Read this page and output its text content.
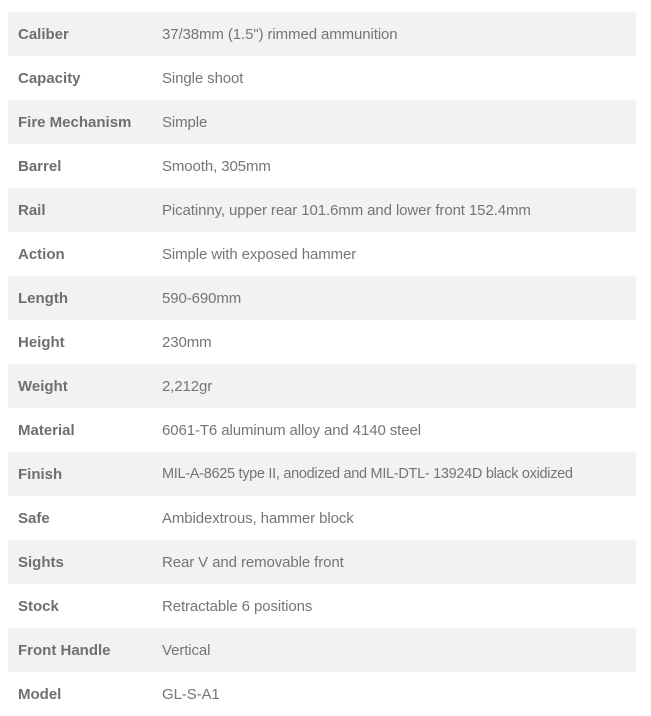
Caliber	37/38mm (1.5") rimmed ammunition
Capacity	Single shoot
Fire Mechanism	Simple
Barrel	Smooth, 305mm
Rail	Picatinny, upper rear 101.6mm and lower front 152.4mm
Action	Simple with exposed hammer
Length	590-690mm
Height	230mm
Weight	2,212gr
Material	6061-T6 aluminum alloy and 4140 steel
Finish	MIL-A-8625 type II, anodized and MIL-DTL- 13924D black oxidized
Safe	Ambidextrous, hammer block
Sights	Rear V and removable front
Stock	Retractable 6 positions
Front Handle	Vertical
Model	GL-S-A1
